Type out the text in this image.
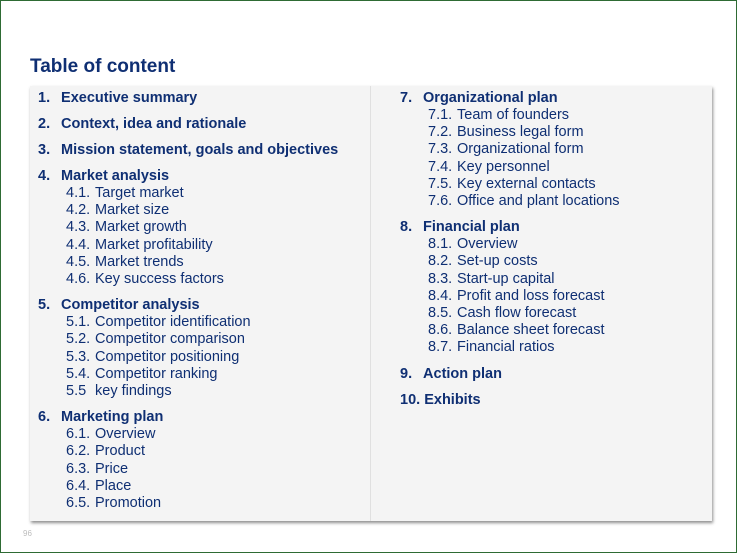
Table of content
1. Executive summary
2. Context, idea and rationale
3. Mission statement, goals and objectives
4. Market analysis
4.1. Target market
4.2. Market size
4.3. Market growth
4.4. Market profitability
4.5. Market trends
4.6. Key success factors
5. Competitor analysis
5.1. Competitor identification
5.2. Competitor comparison
5.3. Competitor positioning
5.4. Competitor ranking
5.5 key findings
6. Marketing plan
6.1. Overview
6.2. Product
6.3. Price
6.4. Place
6.5. Promotion
7. Organizational plan
7.1. Team of founders
7.2. Business legal form
7.3. Organizational form
7.4. Key personnel
7.5. Key external contacts
7.6. Office and plant locations
8. Financial plan
8.1. Overview
8.2. Set-up costs
8.3. Start-up capital
8.4. Profit and loss forecast
8.5. Cash flow forecast
8.6. Balance sheet forecast
8.7. Financial ratios
9. Action plan
10. Exhibits
96
